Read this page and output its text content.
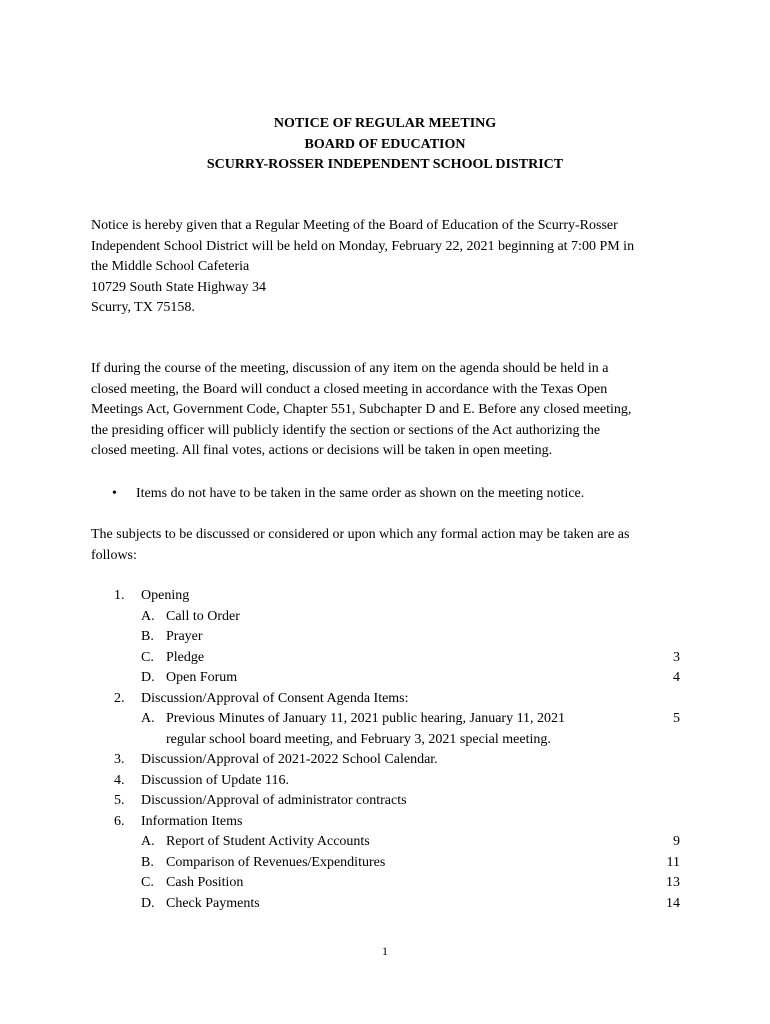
NOTICE OF REGULAR MEETING
BOARD OF EDUCATION
SCURRY-ROSSER INDEPENDENT SCHOOL DISTRICT
Notice is hereby given that a Regular Meeting of the Board of Education of the Scurry-Rosser
Independent School District will be held on Monday, February 22, 2021 beginning at 7:00 PM in
the Middle School Cafeteria
10729 South State Highway 34
Scurry, TX 75158.
If during the course of the meeting, discussion of any item on the agenda should be held in a
closed meeting, the Board will conduct a closed meeting in accordance with the Texas Open
Meetings Act, Government Code, Chapter 551, Subchapter D and E. Before any closed meeting,
the presiding officer will publicly identify the section or sections of the Act authorizing the
closed meeting. All final votes, actions or decisions will be taken in open meeting.
• Items do not have to be taken in the same order as shown on the meeting notice.
The subjects to be discussed or considered or upon which any formal action may be taken are as
follows:
1. Opening
A. Call to Order
B. Prayer
C. Pledge	3
D. Open Forum	4
2. Discussion/Approval of Consent Agenda Items:
A. Previous Minutes of January 11, 2021 public hearing, January 11, 2021	5
regular school board meeting, and February 3, 2021 special meeting.
3. Discussion/Approval of 2021-2022 School Calendar.
4. Discussion of Update 116.
5. Discussion/Approval of administrator contracts
6. Information Items
A. Report of Student Activity Accounts	9
B. Comparison of Revenues/Expenditures	11
C. Cash Position	13
D. Check Payments	14
1
